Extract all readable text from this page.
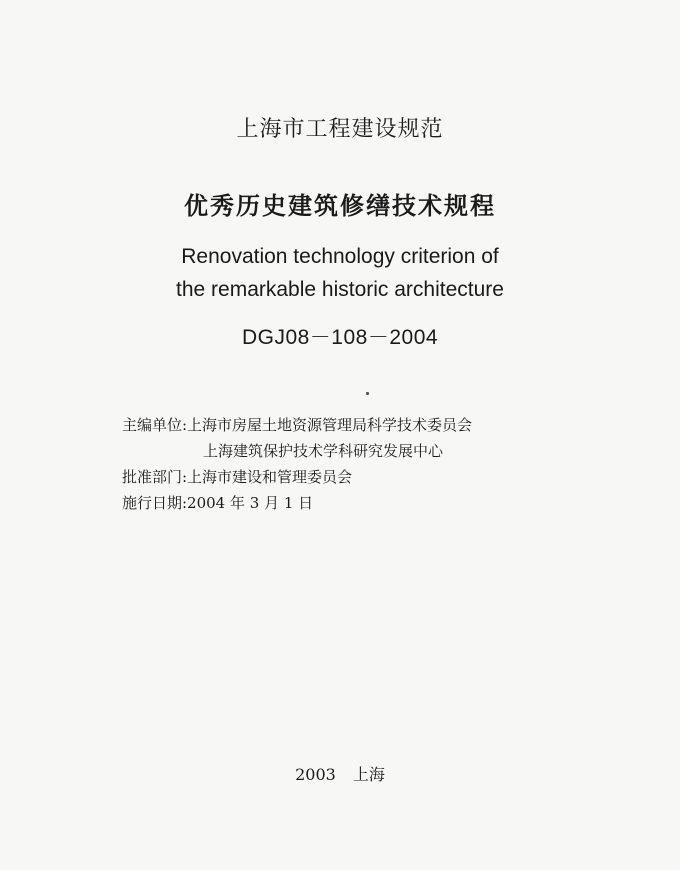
上海市工程建设规范
优秀历史建筑修缮技术规程
Renovation technology criterion of
the remarkable historic architecture
DGJ08－108－2004
主编单位:上海市房屋土地资源管理局科学技术委员会
上海建筑保护技术学科研究发展中心
批准部门:上海市建设和管理委员会
施行日期:2004 年 3 月 1 日
2003 上海
